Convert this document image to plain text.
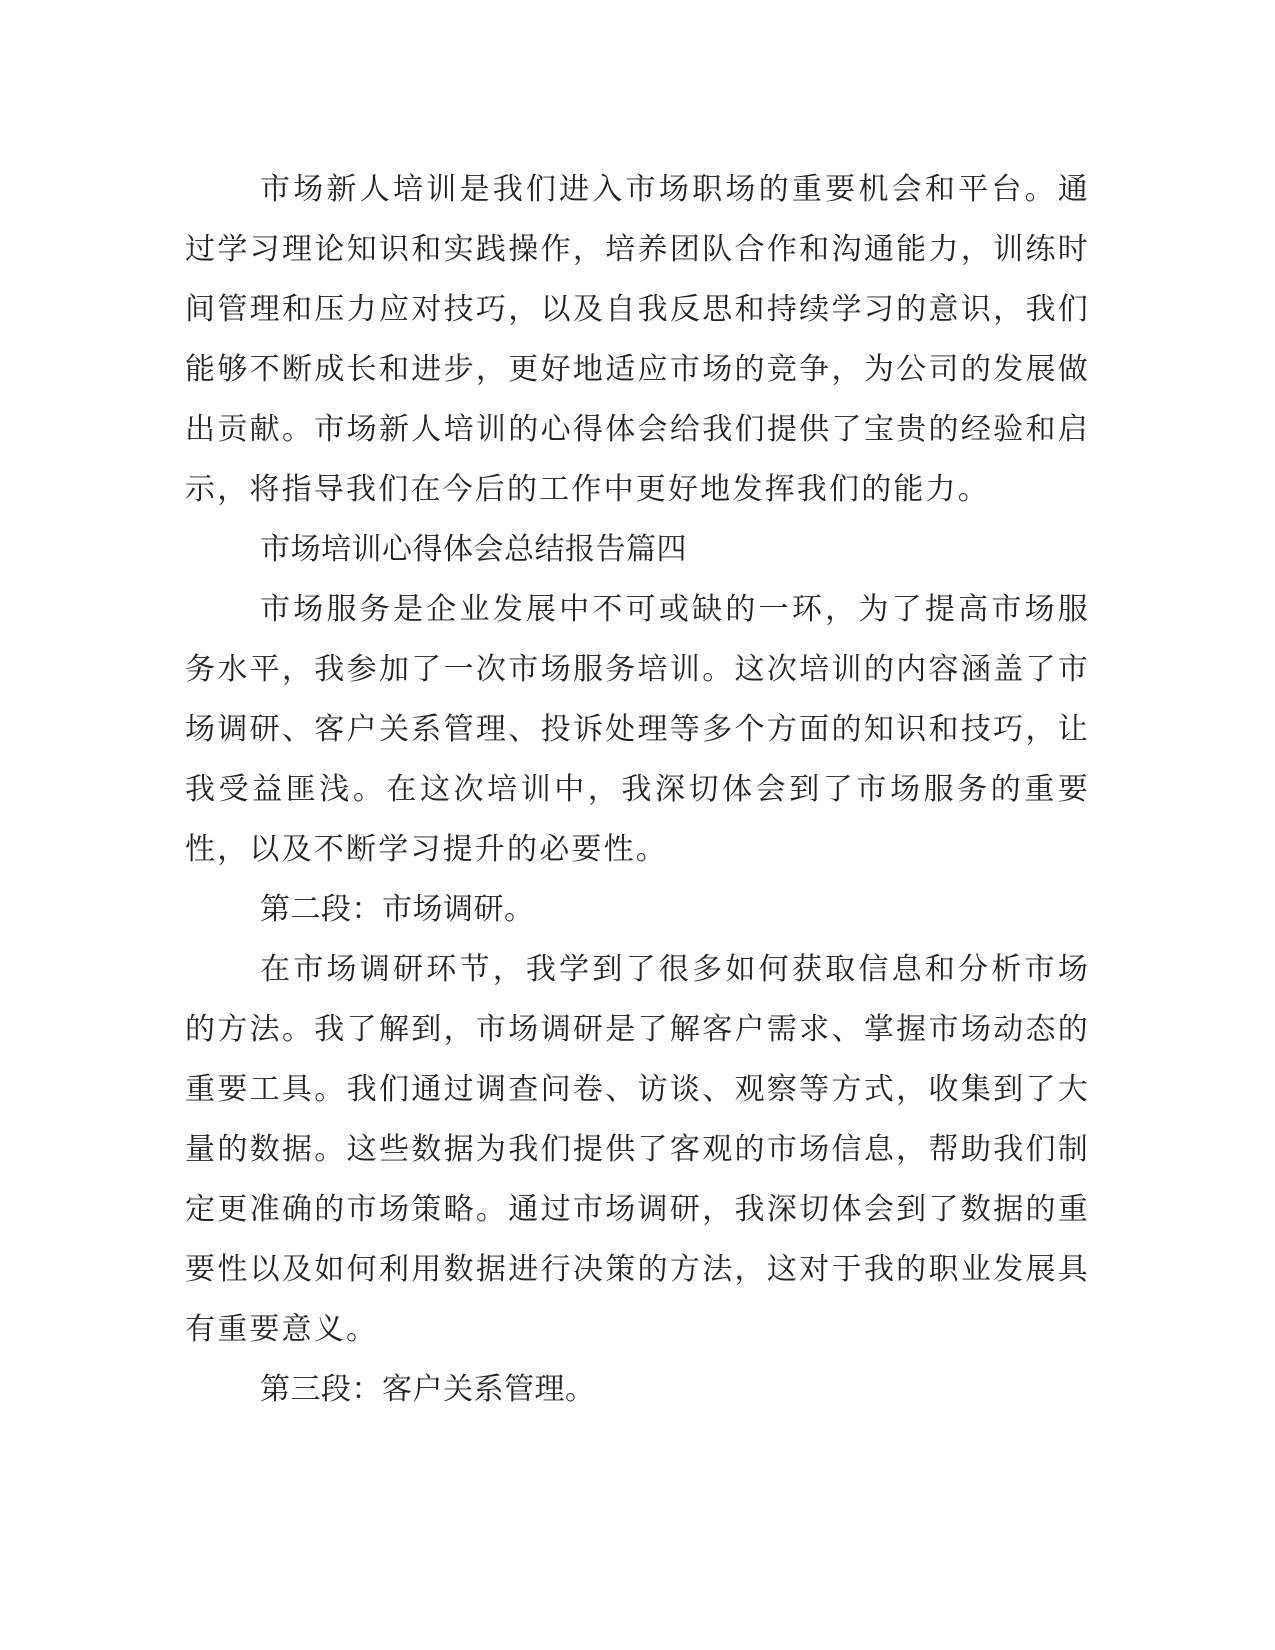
市场新人培训是我们进入市场职场的重要机会和平台。通过学习理论知识和实践操作，培养团队合作和沟通能力，训练时间管理和压力应对技巧，以及自我反思和持续学习的意识，我们能够不断成长和进步，更好地适应市场的竞争，为公司的发展做出贡献。市场新人培训的心得体会给我们提供了宝贵的经验和启示，将指导我们在今后的工作中更好地发挥我们的能力。

市场培训心得体会总结报告篇四

市场服务是企业发展中不可或缺的一环，为了提高市场服务水平，我参加了一次市场服务培训。这次培训的内容涵盖了市场调研、客户关系管理、投诉处理等多个方面的知识和技巧，让我受益匪浅。在这次培训中，我深切体会到了市场服务的重要性，以及不断学习提升的必要性。

第二段：市场调研。

在市场调研环节，我学到了很多如何获取信息和分析市场的方法。我了解到，市场调研是了解客户需求、掌握市场动态的重要工具。我们通过调查问卷、访谈、观察等方式，收集到了大量的数据。这些数据为我们提供了客观的市场信息，帮助我们制定更准确的市场策略。通过市场调研，我深切体会到了数据的重要性以及如何利用数据进行决策的方法，这对于我的职业发展具有重要意义。

第三段：客户关系管理。
